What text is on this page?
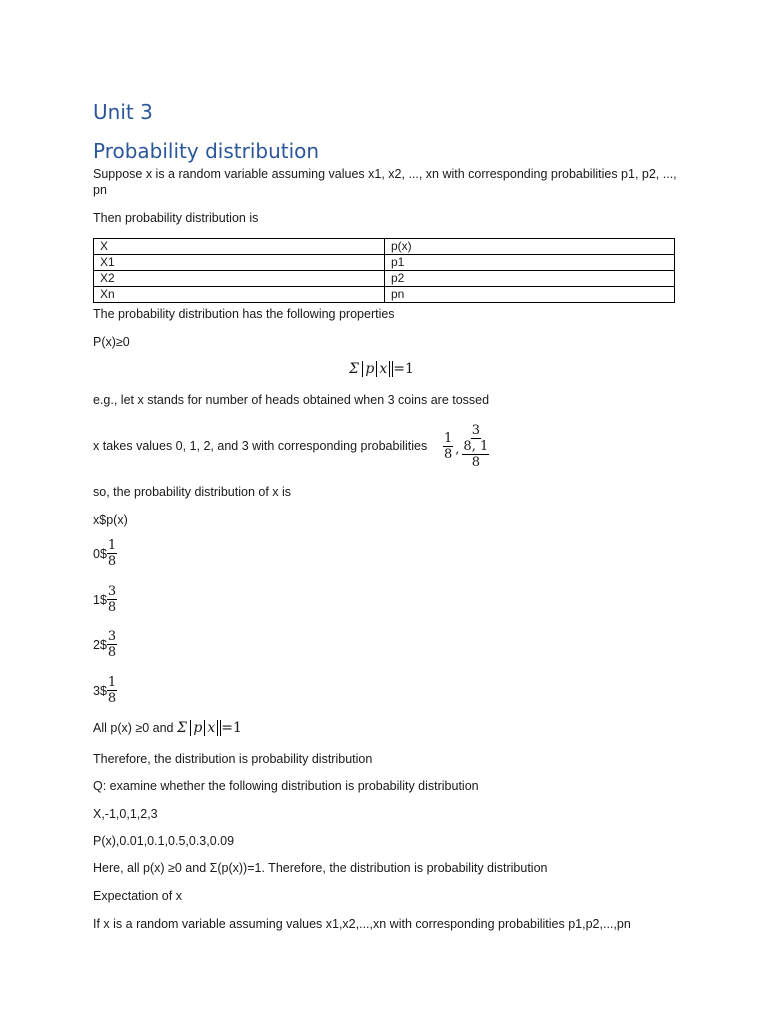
Unit 3
Probability distribution
Suppose x is a random variable assuming values x1, x2, ..., xn with corresponding probabilities p1, p2, ..., pn
Then probability distribution is
X	p(x)
X1	p1
X2	p2
Xn	pn
The probability distribution has the following properties
P(x)≥0
Σ p x =1
e.g., let x stands for number of heads obtained when 3 coins are tossed
x takes values 0, 1, 2, and 3 with corresponding probabilities $\frac{1}{8}$ ,
3
8, 1
8
so, the probability distribution of x is
x$p(x)
0$ $\frac{1}{8}$
1$ $\frac{3}{8}$
2$ $\frac{3}{8}$
3$ $\frac{1}{8}$
All p(x) ≥0 and Σ p x =1
Therefore, the distribution is probability distribution
Q: examine whether the following distribution is probability distribution
X,-1,0,1,2,3
P(x),0.01,0.1,0.5,0.3,0.09
Here, all p(x) ≥0 and Σ(p(x))=1. Therefore, the distribution is probability distribution
Expectation of x
If x is a random variable assuming values x1,x2,...,xn with corresponding probabilities p1,p2,...,pn
